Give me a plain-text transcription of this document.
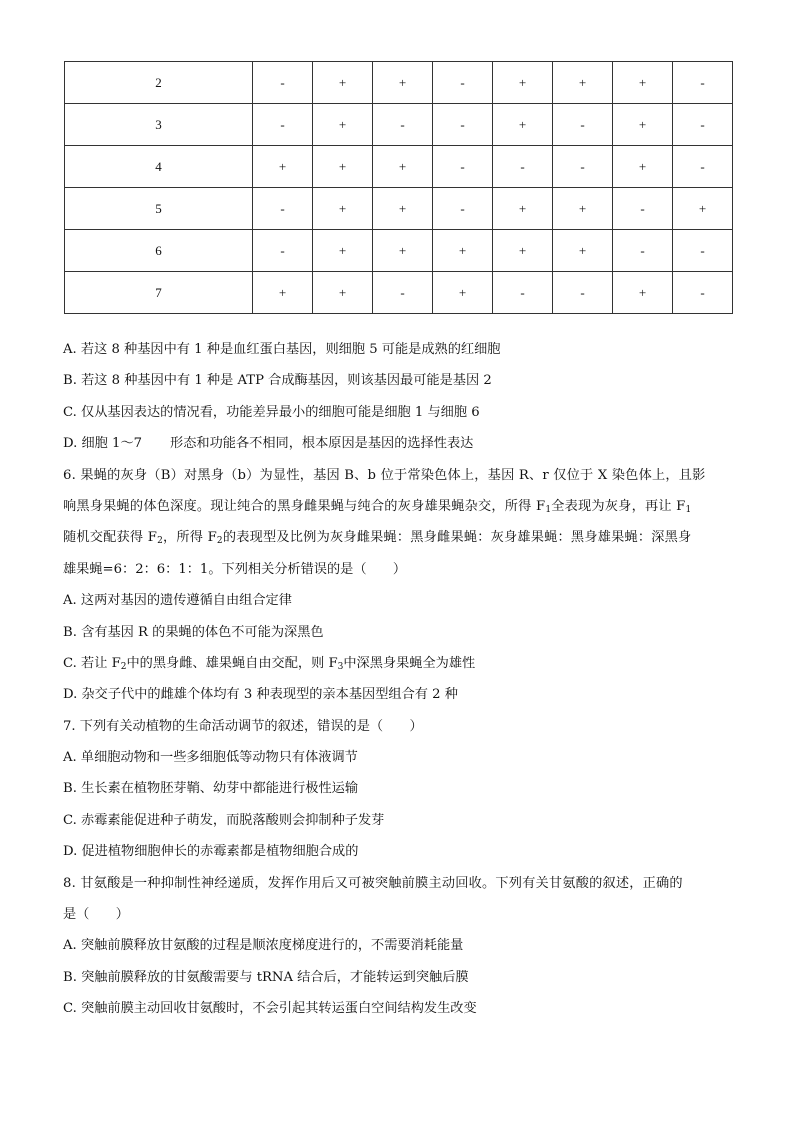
2	-	+	+	-	+	+	+	-
3	-	+	-	-	+	-	+	-
4	+	+	+	-	-	-	+	-
5	-	+	+	-	+	+	-	+
6	-	+	+	+	+	+	-	-
7	+	+	-	+	-	-	+	-
A. 若这 8 种基因中有 1 种是血红蛋白基因，则细胞 5 可能是成熟的红细胞
B. 若这 8 种基因中有 1 种是 ATP 合成酶基因，则该基因最可能是基因 2
C. 仅从基因表达的情况看，功能差异最小的细胞可能是细胞 1 与细胞 6
D. 细胞 1～7 形态和功能各不相同，根本原因是基因的选择性表达
6. 果蝇的灰身（B）对黑身（b）为显性，基因 B、b 位于常染色体上，基因 R、r 仅位于 X 染色体上，且影
响黑身果蝇的体色深度。现让纯合的黑身雌果蝇与纯合的灰身雄果蝇杂交，所得 $F_1$全表现为灰身，再让 $F_1$
随机交配获得 $F_2$，所得 $F_2$的表现型及比例为灰身雌果蝇：黑身雌果蝇：灰身雄果蝇：黑身雄果蝇：深黑身
雄果蝇=6：2：6：1：1。下列相关分析错误的是（　　）
A. 这两对基因的遗传遵循自由组合定律
B. 含有基因 R 的果蝇的体色不可能为深黑色
C. 若让 $F_2$中的黑身雌、雄果蝇自由交配，则 $F_3$中深黑身果蝇全为雄性
D. 杂交子代中的雌雄个体均有 3 种表现型的亲本基因型组合有 2 种
7. 下列有关动植物的生命活动调节的叙述，错误的是（　　）
A. 单细胞动物和一些多细胞低等动物只有体液调节
B. 生长素在植物胚芽鞘、幼芽中都能进行极性运输
C. 赤霉素能促进种子萌发，而脱落酸则会抑制种子发芽
D. 促进植物细胞伸长的赤霉素都是植物细胞合成的
8. 甘氨酸是一种抑制性神经递质，发挥作用后又可被突触前膜主动回收。下列有关甘氨酸的叙述，正确的
是（　　）
A. 突触前膜释放甘氨酸的过程是顺浓度梯度进行的，不需要消耗能量
B. 突触前膜释放的甘氨酸需要与 tRNA 结合后，才能转运到突触后膜
C. 突触前膜主动回收甘氨酸时，不会引起其转运蛋白空间结构发生改变
